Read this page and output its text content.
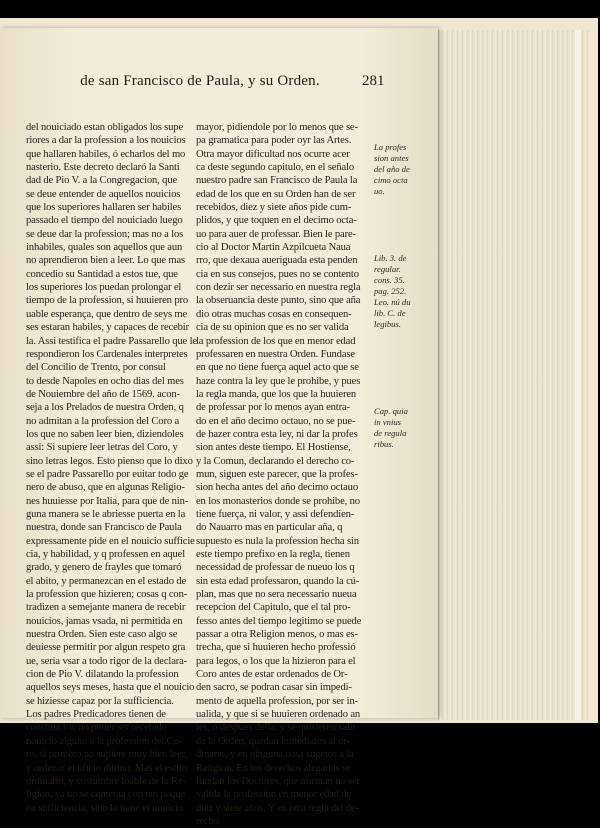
de san Francisco de Paula, y su Orden.	281
del nouiciado estan obligados los supe
riores a dar la profession a los nouicios
que hallaren habiles, ó echarlos del mo
nasterio. Este decreto declaró la Santi
dad de Pio V. a la Congregacion, que
se deue entender de aquellos nouicios
que los superiores hallaren ser habiles
passado el tiempo del nouiciado luego
se deue dar la profession; mas no a los
inhabiles, quales son aquellos que aun
no aprendieron bien a leer. Lo que mas
concedio su Santidad a estos tue, que
los superiores los puedan prolongar el
tiempo de la profession, si huuieren pro
uable esperança, que dentro de seys me
ses estaran habiles, y capaces de recebir
la. Assi testifica el padre Passarello que le
respondieron los Cardenales interpretes
del Concilio de Trento, por consul
to desde Napoles en ocho dias del mes
de Nouiembre del año de 1569. acon-
seja a los Prelados de nuestra Orden, q
no admitan a la profession del Coro a
los que no saben leer bien, diziendoles
assi: Si supiere leer letras del Coro, y
sino letras legos. Esto pienso que lo dixo
se el padre Passarello por euitar todo ge
nero de abuso, que en algunas Religio-
nes huuiesse por Italia, para que de nin-
guna manera se le abriesse puerta en la
nuestra, donde san Francisco de Paula
expressamente pide en el nouicio sufficie
cia, y habilidad, y q professen en aquel
grado, y genero de frayles que tomaró
el abito, y permanezcan en el estado de
la profession que hizieren; cosas q con-
tradizen a semejante manera de recebir
nouicios, jamas vsada, ni permitida en
nuestra Orden. Sien este caso algo se
deuiesse permitir por algun respeto gra
ue, seria vsar a todo rigor de la declara-
cion de Pio V. dilatando la profession
aquellos seys meses, hasta que el nouicio
se hiziesse capaz por la sufficiencia.
Los padres Predicadores tienen de
constitucion no poder ser recebido
nouicio alguno a la profession del Co-
ro, si primero no supiere muy bien leer,
y ordenar el oficio diuino. Mas el estilo
ordinario, y costumbre loable de la Re-
ligion, ya no se contenta con tan peque
ña sufficiencia, sino la tiene el nouicio
mayor, pidiendole por lo menos que se-
pa gramatica para poder oyr las Artes.
Otra mayor dificultad nos ocurre acer
ca deste segundo capitulo, en el señalo
nuestro padre san Francisco de Paula la
edad de los que en su Orden han de ser
recebidos, diez y siete años pide cum-
plidos, y que toquen en el decimo octa-
uo para auer de professar. Bien le pare-
cio al Doctor Martin Azpilcueta Naua
rro, que dexaua aueriguada esta penden
cia en sus consejos, pues no se contento
con dezir ser necessario en nuestra regla
la obseruancia deste punto, sino que aña
dio otras muchas cosas en consequen-
cia de su opinion que es no ser valida
la profession de los que en menor edad
professaren en nuestra Orden. Fundase
en que no tiene fuerça aquel acto que se
haze contra la ley que le prohibe, y pues
la regla manda, que los que la huuieren
de professar por lo menos ayan entra-
do en el año decimo octauo, no se pue-
de hazer contra esta ley, ni dar la profes
sion antes deste tiempo. El Hostiense,
y la Comun, declarando el derecho co-
mun, siguen este parecer, que la profes-
sion hecha antes del año decimo octauo
en los monasterios donde se prohibe, no
tiene fuerça, ni valor, y assi defendien-
do Nauarro mas en particular aña, q
supuesto es nula la profession hecha sin
este tiempo prefixo en la regla, tienen
necessidad de professar de nueuo los q
sin esta edad professaron, quando la cú-
plan, mas que no sera necessario nueua
recepcion del Capitulo, que el tal pro-
fesso antes del tiempo legitimo se puede
passar a otra Religion menos, o mas es-
trecha, que si huuieren hecho professió
para legos, o los que la hizieron para el
Coro antes de estar ordenados de Or-
den sacro, se podran casar sin impedi-
mento de aquella profession, por ser in-
ualida, y que si se huuieren ordenado an
tes, o despues della, y se quisieren salir
de la Orden, quedan inmediatos al or-
dinario, y en ninguna cosa sugetos a la
Religion. En los derechos alegados se
fundan los Doctores, que afirman no ser
valida la profession en menor edad de
diez y siete años. Y en otra regla del de-
recho
La profes
sion antes
del año de
cimo octa
uo.
Lib. 3. de
regular.
cons. 35.
pag. 252.
Leo. nú du
lib. C. de
legibus.
Cap. quia
in vnius
de regula
ribus.
